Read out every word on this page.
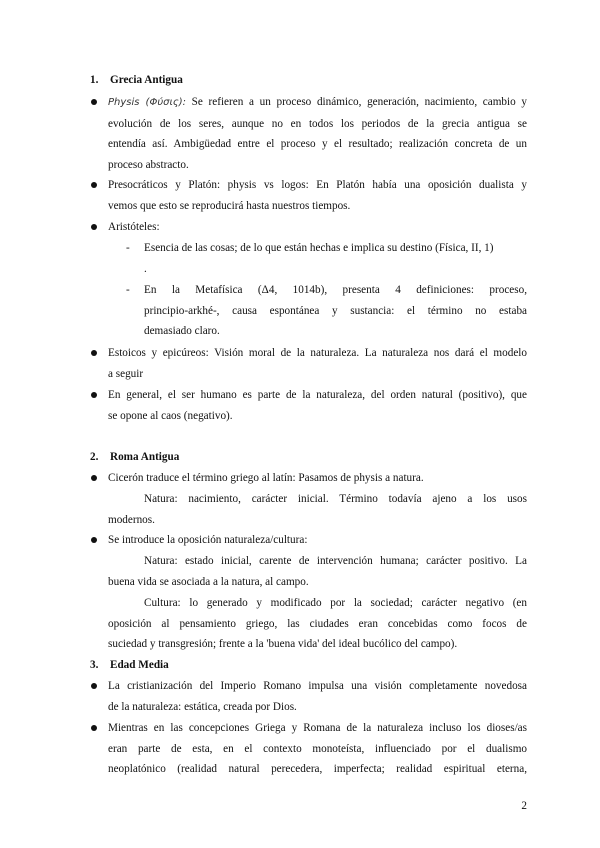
1. Grecia Antigua
Physis (Φύσις): Se refieren a un proceso dinámico, generación, nacimiento, cambio y
evolución de los seres, aunque no en todos los periodos de la grecia antigua se
entendía así. Ambigüedad entre el proceso y el resultado; realización concreta de un
proceso abstracto.
Presocráticos y Platón: physis vs logos: En Platón había una oposición dualista y
vemos que esto se reproducirá hasta nuestros tiempos.
Aristóteles:
- Esencia de las cosas; de lo que están hechas e implica su destino (Física, II, 1)
.
- En la Metafísica (Δ4, 1014b), presenta 4 definiciones: proceso,
principio-arkhé-, causa espontánea y sustancia: el término no estaba
demasiado claro.
Estoicos y epicúreos: Visión moral de la naturaleza. La naturaleza nos dará el modelo
a seguir
En general, el ser humano es parte de la naturaleza, del orden natural (positivo), que
se opone al caos (negativo).
2. Roma Antigua
Cicerón traduce el término griego al latín: Pasamos de physis a natura.
Natura: nacimiento, carácter inicial. Término todavía ajeno a los usos
modernos.
Se introduce la oposición naturaleza/cultura:
Natura: estado inicial, carente de intervención humana; carácter positivo. La
buena vida se asociada a la natura, al campo.
Cultura: lo generado y modificado por la sociedad; carácter negativo (en
oposición al pensamiento griego, las ciudades eran concebidas como focos de
suciedad y transgresión; frente a la 'buena vida' del ideal bucólico del campo).
3. Edad Media
La cristianización del Imperio Romano impulsa una visión completamente novedosa
de la naturaleza: estática, creada por Dios.
Mientras en las concepciones Griega y Romana de la naturaleza incluso los dioses/as
eran parte de esta, en el contexto monoteísta, influenciado por el dualismo
neoplatónico (realidad natural perecedera, imperfecta; realidad espiritual eterna,
2
